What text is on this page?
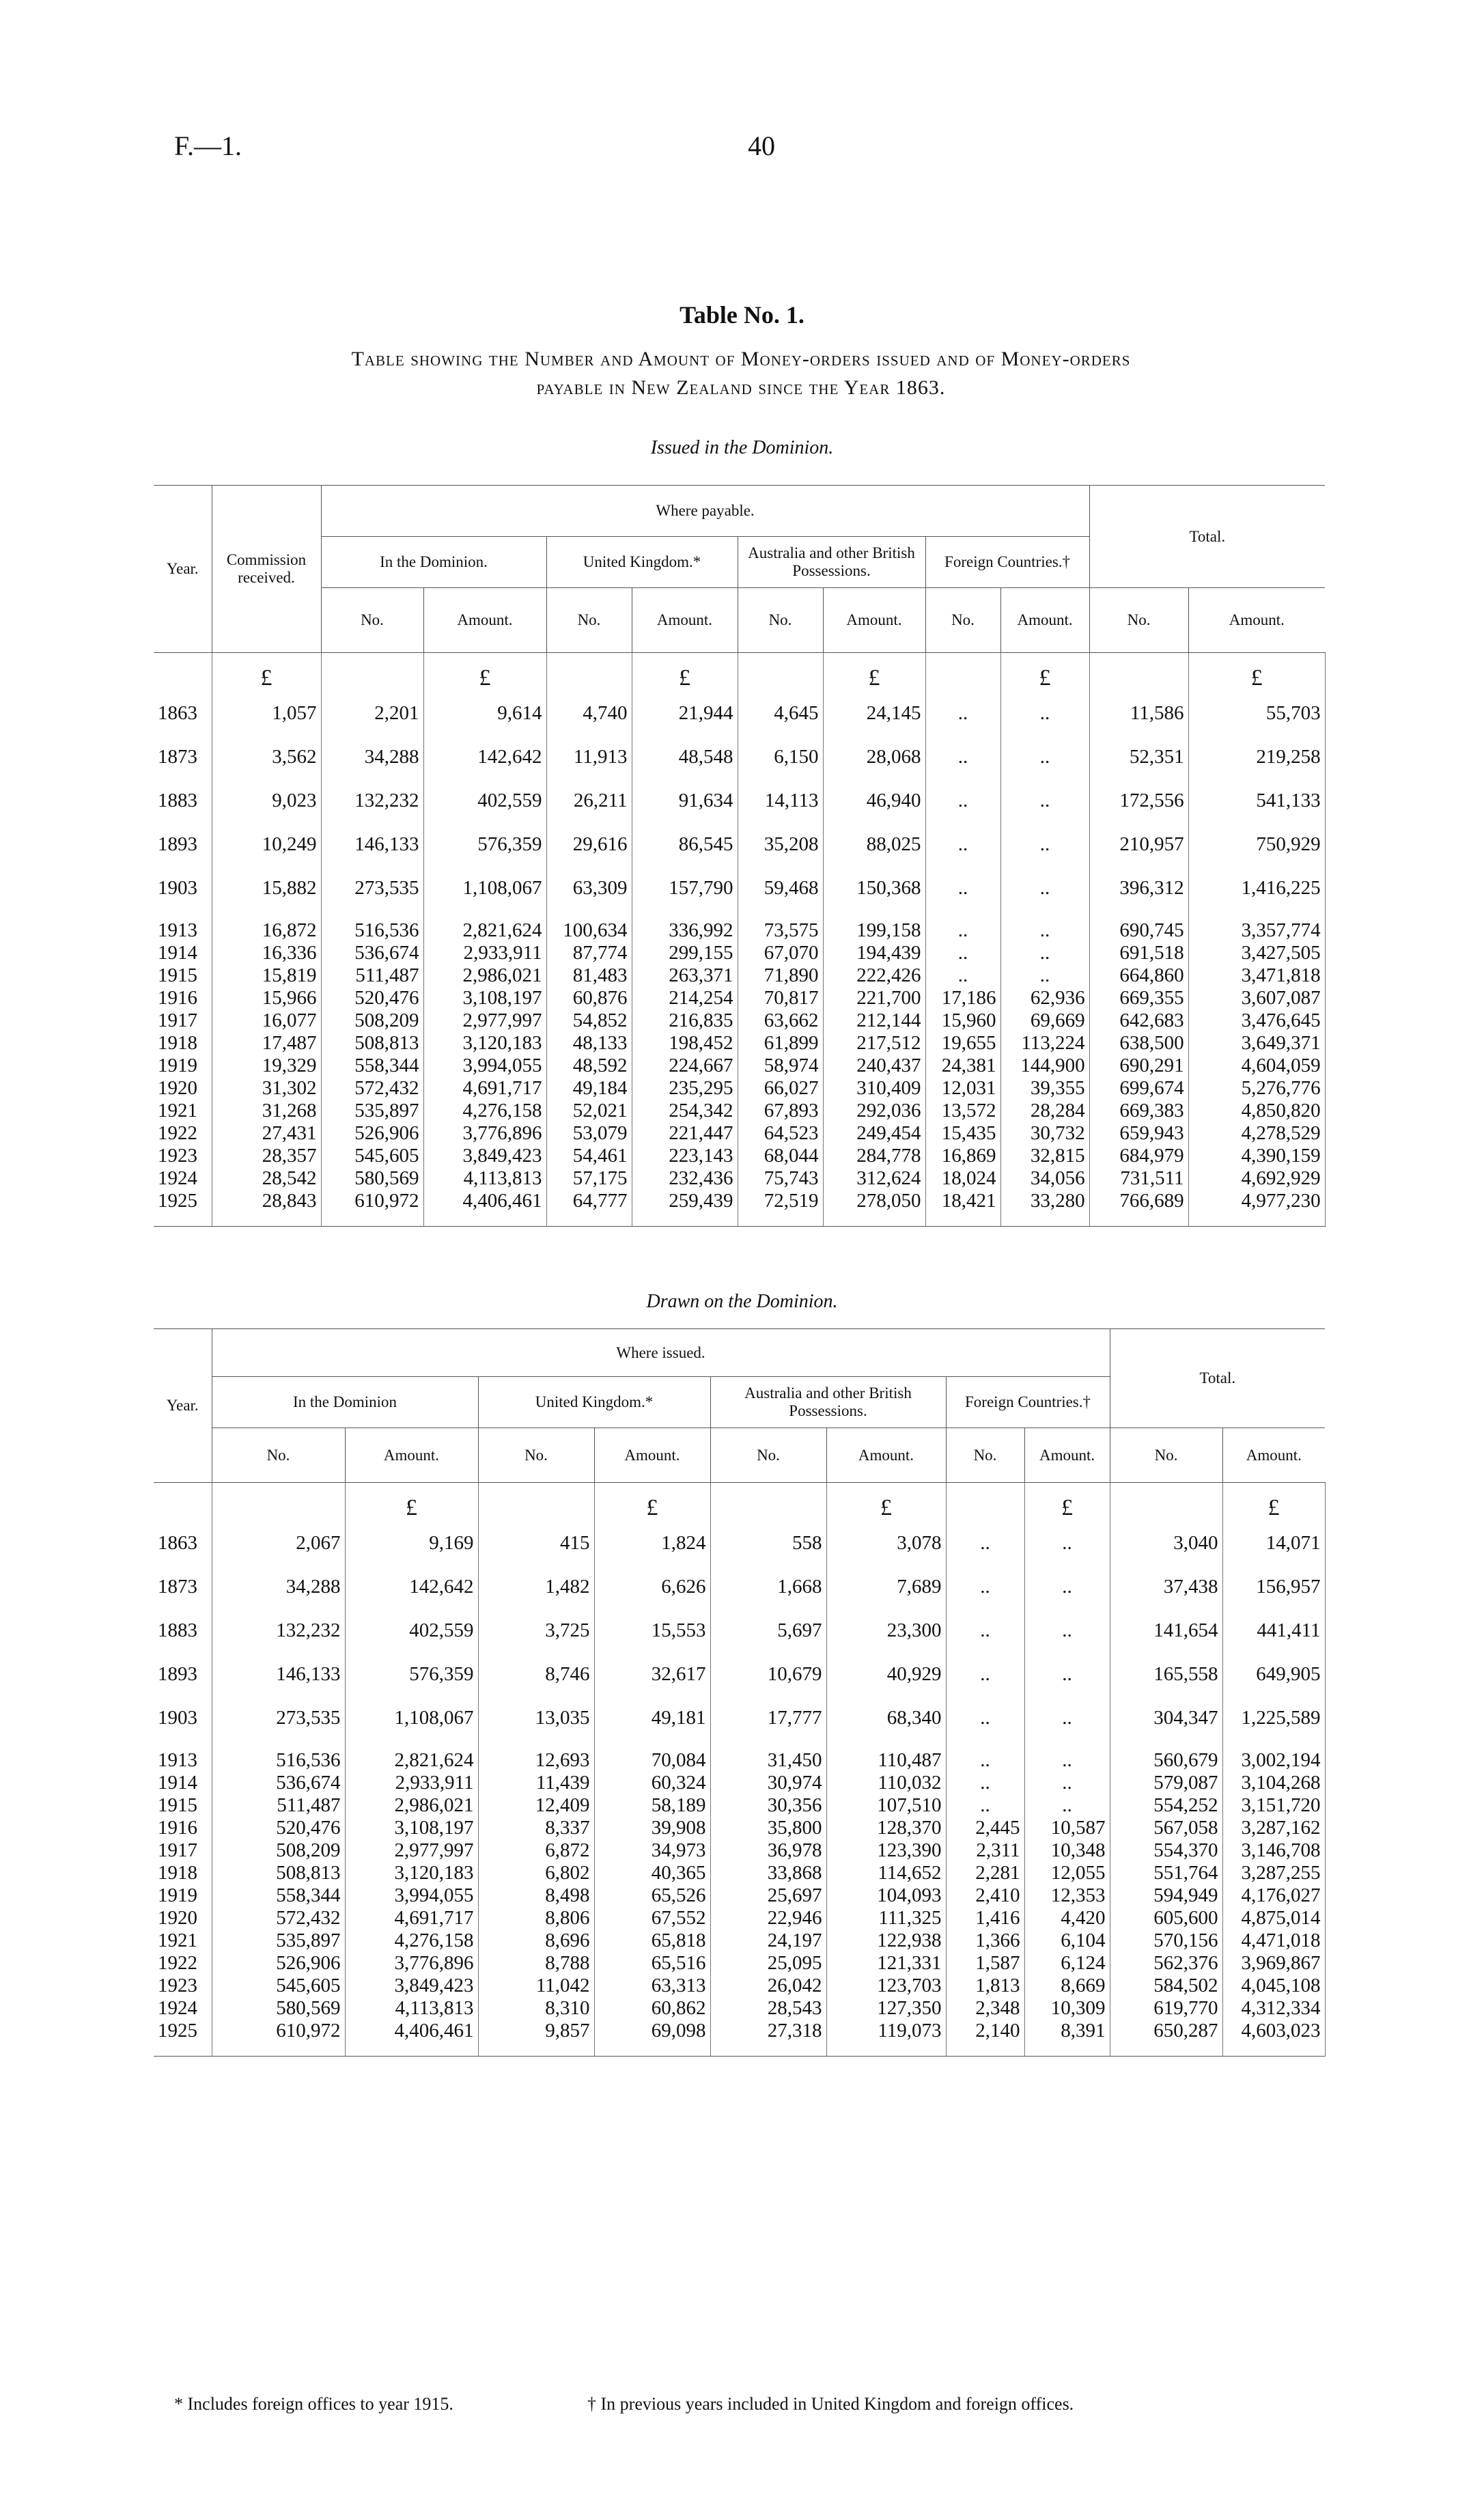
F.—1.	40
Table No. 1.
Table showing the Number and Amount of Money-orders issued and of Money-orders
payable in New Zealand since the Year 1863.
Issued in the Dominion.
Year.	Commission received.	Where payable.								Total.	
		In the Dominion.		United Kingdom.*		Australia and other British Possessions.		Foreign Countries.†			
		No.	Amount.	No.	Amount.	No.	Amount.	No.	Amount.	No.	Amount.
	£		£		£		£		£		£
1863	1,057	2,201	9,614	4,740	21,944	4,645	24,145	..	..	11,586	55,703
1873	3,562	34,288	142,642	11,913	48,548	6,150	28,068	..	..	52,351	219,258
1883	9,023	132,232	402,559	26,211	91,634	14,113	46,940	..	..	172,556	541,133
1893	10,249	146,133	576,359	29,616	86,545	35,208	88,025	..	..	210,957	750,929
1903	15,882	273,535	1,108,067	63,309	157,790	59,468	150,368	..	..	396,312	1,416,225

1913	16,872	516,536	2,821,624	100,634	336,992	73,575	199,158	..	..	690,745	3,357,774
1914	16,336	536,674	2,933,911	87,774	299,155	67,070	194,439	..	..	691,518	3,427,505
1915	15,819	511,487	2,986,021	81,483	263,371	71,890	222,426	..	..	664,860	3,471,818
1916	15,966	520,476	3,108,197	60,876	214,254	70,817	221,700	17,186	62,936	669,355	3,607,087
1917	16,077	508,209	2,977,997	54,852	216,835	63,662	212,144	15,960	69,669	642,683	3,476,645
1918	17,487	508,813	3,120,183	48,133	198,452	61,899	217,512	19,655	113,224	638,500	3,649,371
1919	19,329	558,344	3,994,055	48,592	224,667	58,974	240,437	24,381	144,900	690,291	4,604,059
1920	31,302	572,432	4,691,717	49,184	235,295	66,027	310,409	12,031	39,355	699,674	5,276,776
1921	31,268	535,897	4,276,158	52,021	254,342	67,893	292,036	13,572	28,284	669,383	4,850,820
1922	27,431	526,906	3,776,896	53,079	221,447	64,523	249,454	15,435	30,732	659,943	4,278,529
1923	28,357	545,605	3,849,423	54,461	223,143	68,044	284,778	16,869	32,815	684,979	4,390,159
1924	28,542	580,569	4,113,813	57,175	232,436	75,743	312,624	18,024	34,056	731,511	4,692,929
1925	28,843	610,972	4,406,461	64,777	259,439	72,519	278,050	18,421	33,280	766,689	4,977,230

Drawn on the Dominion.
Year.	Where issued.								Total.	
	In the Dominion		United Kingdom.*		Australia and other British Possessions.		Foreign Countries.†			
	No.	Amount.	No.	Amount.	No.	Amount.	No.	Amount.	No.	Amount.
		£		£		£		£		£
1863	2,067	9,169	415	1,824	558	3,078	..	..	3,040	14,071
1873	34,288	142,642	1,482	6,626	1,668	7,689	..	..	37,438	156,957
1883	132,232	402,559	3,725	15,553	5,697	23,300	..	..	141,654	441,411
1893	146,133	576,359	8,746	32,617	10,679	40,929	..	..	165,558	649,905
1903	273,535	1,108,067	13,035	49,181	17,777	68,340	..	..	304,347	1,225,589

1913	516,536	2,821,624	12,693	70,084	31,450	110,487	..	..	560,679	3,002,194
1914	536,674	2,933,911	11,439	60,324	30,974	110,032	..	..	579,087	3,104,268
1915	511,487	2,986,021	12,409	58,189	30,356	107,510	..	..	554,252	3,151,720
1916	520,476	3,108,197	8,337	39,908	35,800	128,370	2,445	10,587	567,058	3,287,162
1917	508,209	2,977,997	6,872	34,973	36,978	123,390	2,311	10,348	554,370	3,146,708
1918	508,813	3,120,183	6,802	40,365	33,868	114,652	2,281	12,055	551,764	3,287,255
1919	558,344	3,994,055	8,498	65,526	25,697	104,093	2,410	12,353	594,949	4,176,027
1920	572,432	4,691,717	8,806	67,552	22,946	111,325	1,416	4,420	605,600	4,875,014
1921	535,897	4,276,158	8,696	65,818	24,197	122,938	1,366	6,104	570,156	4,471,018
1922	526,906	3,776,896	8,788	65,516	25,095	121,331	1,587	6,124	562,376	3,969,867
1923	545,605	3,849,423	11,042	63,313	26,042	123,703	1,813	8,669	584,502	4,045,108
1924	580,569	4,113,813	8,310	60,862	28,543	127,350	2,348	10,309	619,770	4,312,334
1925	610,972	4,406,461	9,857	69,098	27,318	119,073	2,140	8,391	650,287	4,603,023

* Includes foreign offices to year 1915.	† In previous years included in United Kingdom and foreign offices.
